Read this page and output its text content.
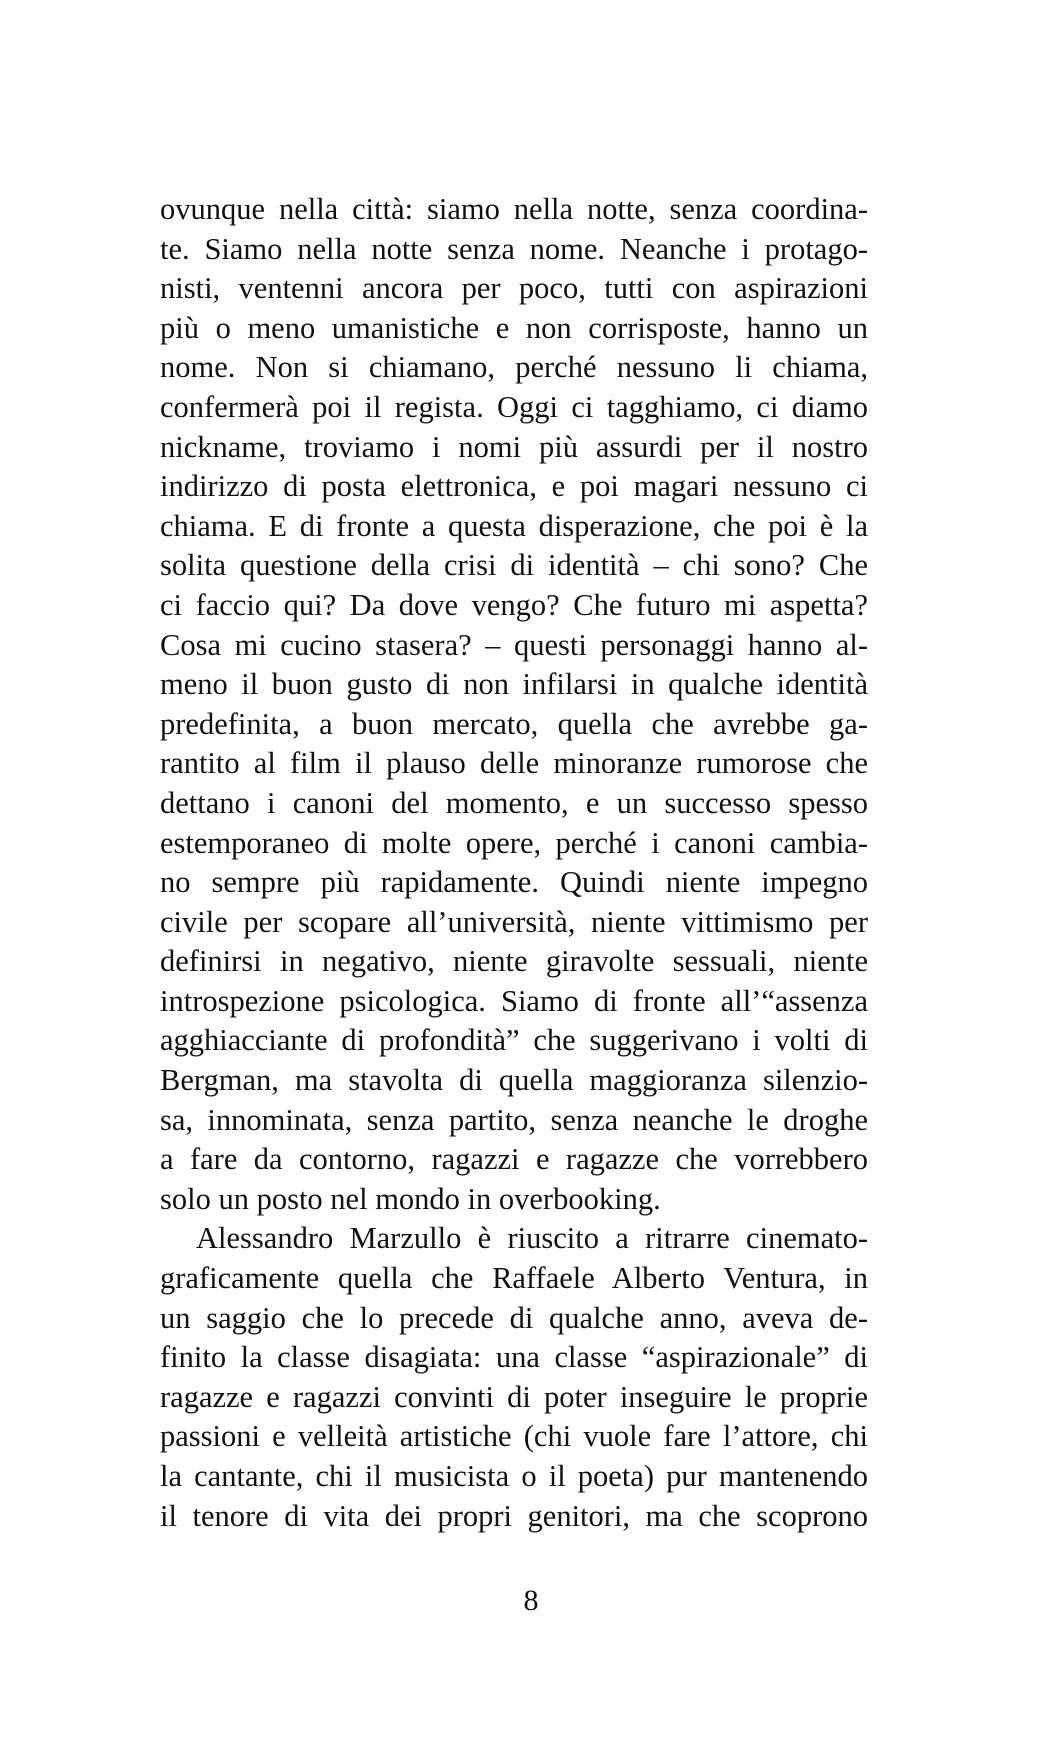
ovunque nella città: siamo nella notte, senza coordina-
te. Siamo nella notte senza nome. Neanche i protago-
nisti, ventenni ancora per poco, tutti con aspirazioni
più o meno umanistiche e non corrisposte, hanno un
nome. Non si chiamano, perché nessuno li chiama,
confermerà poi il regista. Oggi ci tagghiamo, ci diamo
nickname, troviamo i nomi più assurdi per il nostro
indirizzo di posta elettronica, e poi magari nessuno ci
chiama. E di fronte a questa disperazione, che poi è la
solita questione della crisi di identità – chi sono? Che
ci faccio qui? Da dove vengo? Che futuro mi aspetta?
Cosa mi cucino stasera? – questi personaggi hanno al-
meno il buon gusto di non infilarsi in qualche identità
predefinita, a buon mercato, quella che avrebbe ga-
rantito al film il plauso delle minoranze rumorose che
dettano i canoni del momento, e un successo spesso
estemporaneo di molte opere, perché i canoni cambia-
no sempre più rapidamente. Quindi niente impegno
civile per scopare all’università, niente vittimismo per
definirsi in negativo, niente giravolte sessuali, niente
introspezione psicologica. Siamo di fronte all’“assenza
agghiacciante di profondità” che suggerivano i volti di
Bergman, ma stavolta di quella maggioranza silenzio-
sa, innominata, senza partito, senza neanche le droghe
a fare da contorno, ragazzi e ragazze che vorrebbero
solo un posto nel mondo in overbooking.
Alessandro Marzullo è riuscito a ritrarre cinemato-
graficamente quella che Raffaele Alberto Ventura, in
un saggio che lo precede di qualche anno, aveva de-
finito la classe disagiata: una classe “aspirazionale” di
ragazze e ragazzi convinti di poter inseguire le proprie
passioni e velleità artistiche (chi vuole fare l’attore, chi
la cantante, chi il musicista o il poeta) pur mantenendo
il tenore di vita dei propri genitori, ma che scoprono
8
